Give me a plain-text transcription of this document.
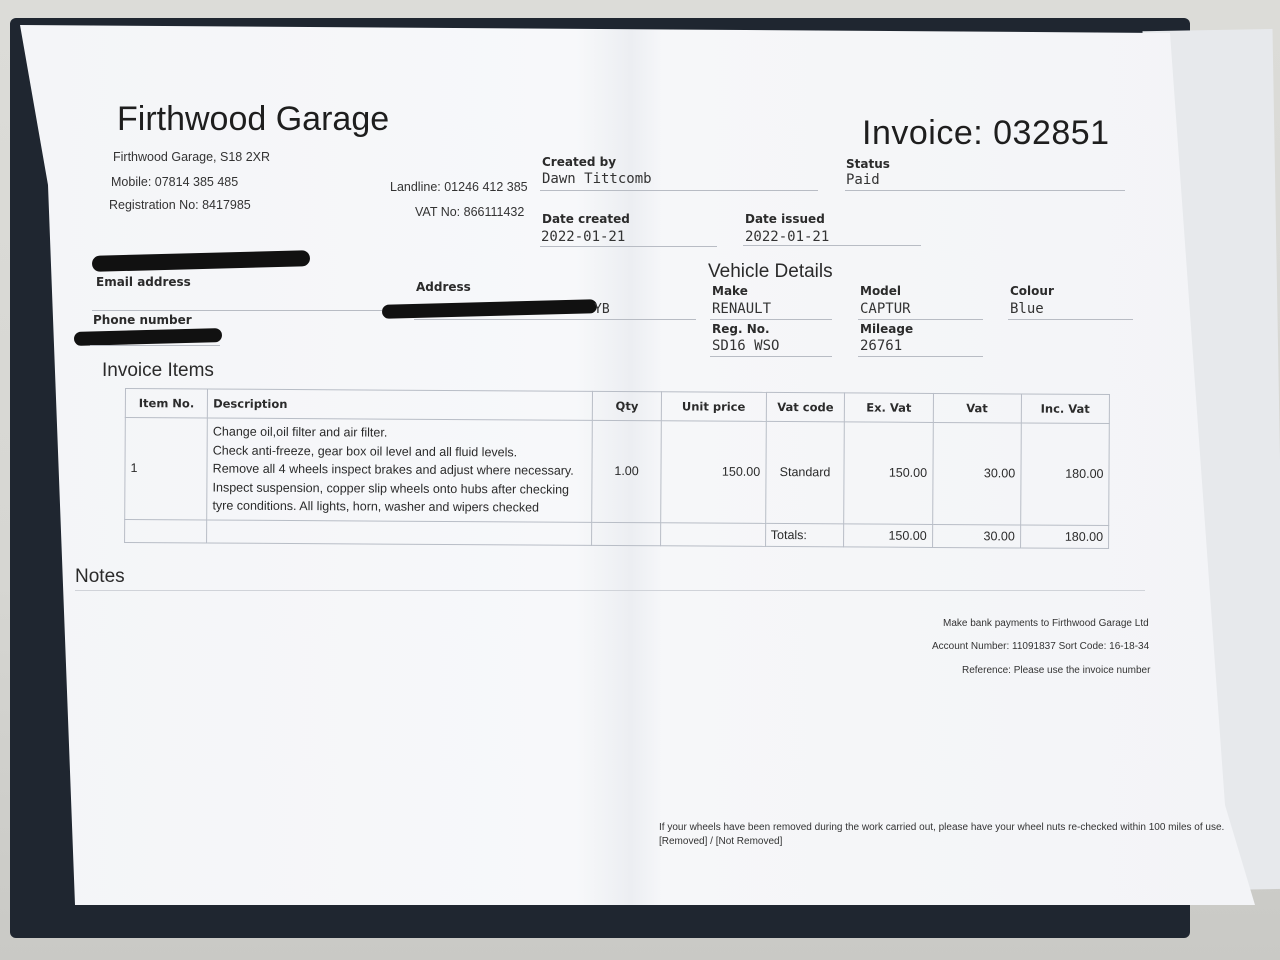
Firthwood Garage
Firthwood Garage, S18 2XR
Mobile: 07814 385 485
Registration No: 8417985
Landline: 01246 412 385
VAT No: 866111432
Invoice: 032851
Created by
Dawn Tittcomb
Status
Paid
Date created
2022-01-21
Date issued
2022-01-21
Email address	Address
YB
Phone number
Vehicle Details
Make
RENAULT
Model
CAPTUR
Colour
Blue
Reg. No.
SD16 WSO
Mileage
26761
Invoice Items
Item No.	Description	Qty	Unit price	Vat code	Ex. Vat	Vat	Inc. Vat
1	Change oil,oil filter and air filter.
Check anti-freeze, gear box oil level and all fluid levels.
Remove all 4 wheels inspect brakes and adjust where necessary.
Inspect suspension, copper slip wheels onto hubs after checking
tyre conditions. All lights, horn, washer and wipers checked	1.00	150.00	Standard	150.00	30.00	180.00
				Totals:	150.00	30.00	180.00
Notes
Make bank payments to Firthwood Garage Ltd
Account Number: 11091837 Sort Code: 16-18-34
Reference: Please use the invoice number
If your wheels have been removed during the work carried out, please have your wheel nuts re-checked within 100 miles of use.
[Removed] / [Not Removed]
